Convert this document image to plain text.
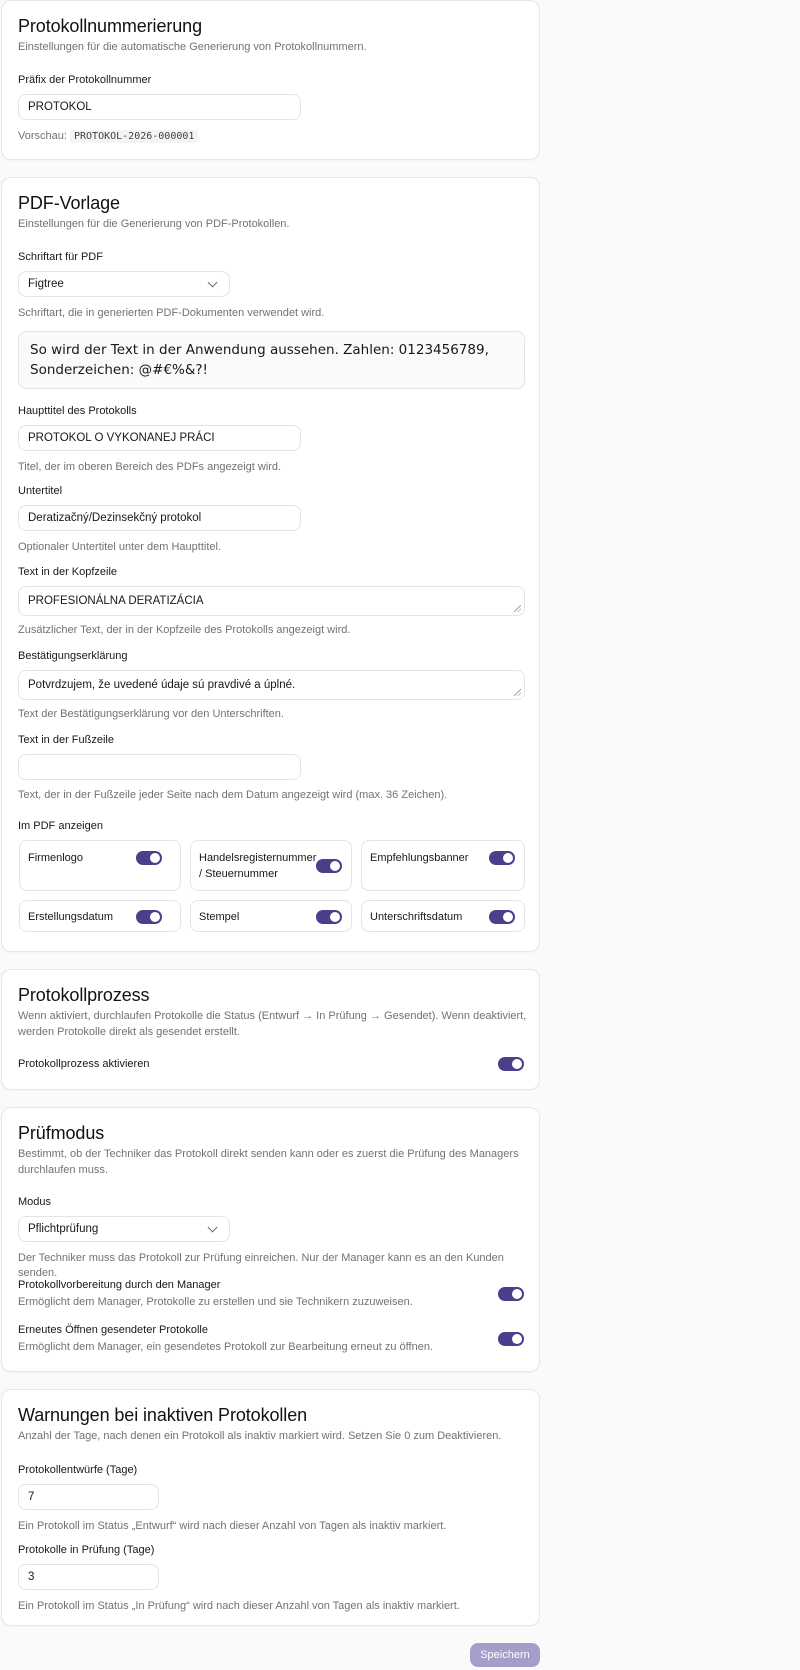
Protokollnummerierung
Einstellungen für die automatische Generierung von Protokollnummern.
Präfix der Protokollnummer
PROTOKOL
Vorschau: PROTOKOL-2026-000001
PDF-Vorlage
Einstellungen für die Generierung von PDF-Protokollen.
Schriftart für PDF
Figtree
Schriftart, die in generierten PDF-Dokumenten verwendet wird.
So wird der Text in der Anwendung aussehen. Zahlen: 0123456789,
Sonderzeichen: @#€%&?!
Haupttitel des Protokolls
PROTOKOL O VYKONANEJ PRÁCI
Titel, der im oberen Bereich des PDFs angezeigt wird.
Untertitel
Deratizačný/Dezinsekčný protokol
Optionaler Untertitel unter dem Haupttitel.
Text in der Kopfzeile
PROFESIONÁLNA DERATIZÁCIA
Zusätzlicher Text, der in der Kopfzeile des Protokolls angezeigt wird.
Bestätigungserklärung
Potvrdzujem, že uvedené údaje sú pravdivé a úplné.
Text der Bestätigungserklärung vor den Unterschriften.
Text in der Fußzeile
Text, der in der Fußzeile jeder Seite nach dem Datum angezeigt wird (max. 36 Zeichen).
Im PDF anzeigen
Firmenlogo	Handelsregisternummer
/ Steuernummer
Empfehlungsbanner
Erstellungsdatum	Stempel	Unterschriftsdatum
Protokollprozess
Wenn aktiviert, durchlaufen Protokolle die Status (Entwurf → In Prüfung → Gesendet). Wenn deaktiviert,
werden Protokolle direkt als gesendet erstellt.
Protokollprozess aktivieren
Prüfmodus
Bestimmt, ob der Techniker das Protokoll direkt senden kann oder es zuerst die Prüfung des Managers
durchlaufen muss.
Modus
Pflichtprüfung
Der Techniker muss das Protokoll zur Prüfung einreichen. Nur der Manager kann es an den Kunden senden.
Protokollvorbereitung durch den Manager
Ermöglicht dem Manager, Protokolle zu erstellen und sie Technikern zuzuweisen.
Erneutes Öffnen gesendeter Protokolle
Ermöglicht dem Manager, ein gesendetes Protokoll zur Bearbeitung erneut zu öffnen.
Warnungen bei inaktiven Protokollen
Anzahl der Tage, nach denen ein Protokoll als inaktiv markiert wird. Setzen Sie 0 zum Deaktivieren.
Protokollentwürfe (Tage)
7
Ein Protokoll im Status „Entwurf“ wird nach dieser Anzahl von Tagen als inaktiv markiert.
Protokolle in Prüfung (Tage)
3
Ein Protokoll im Status „In Prüfung“ wird nach dieser Anzahl von Tagen als inaktiv markiert.
Speichern
